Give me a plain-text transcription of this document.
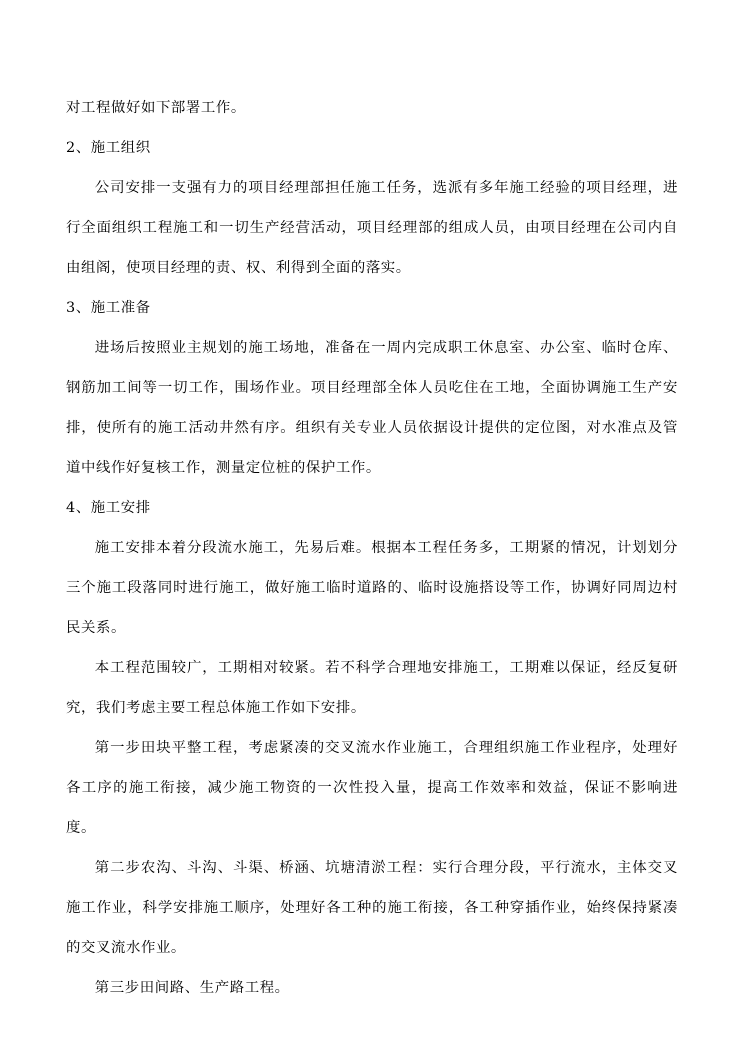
对工程做好如下部署工作。

2、施工组织

公司安排一支强有力的项目经理部担任施工任务，选派有多年施工经验的项目经理，进行全面组织工程施工和一切生产经营活动，项目经理部的组成人员，由项目经理在公司内自由组阁，使项目经理的责、权、利得到全面的落实。

3、施工准备

进场后按照业主规划的施工场地，准备在一周内完成职工休息室、办公室、临时仓库、钢筋加工间等一切工作，围场作业。项目经理部全体人员吃住在工地，全面协调施工生产安排，使所有的施工活动井然有序。组织有关专业人员依据设计提供的定位图，对水准点及管道中线作好复核工作，测量定位桩的保护工作。

4、施工安排

施工安排本着分段流水施工，先易后难。根据本工程任务多，工期紧的情况，计划划分三个施工段落同时进行施工，做好施工临时道路的、临时设施搭设等工作，协调好同周边村民关系。

本工程范围较广，工期相对较紧。若不科学合理地安排施工，工期难以保证，经反复研究，我们考虑主要工程总体施工作如下安排。

第一步田块平整工程，考虑紧凑的交叉流水作业施工，合理组织施工作业程序，处理好各工序的施工衔接，减少施工物资的一次性投入量，提高工作效率和效益，保证不影响进度。

第二步农沟、斗沟、斗渠、桥涵、坑塘清淤工程：实行合理分段，平行流水，主体交叉施工作业，科学安排施工顺序，处理好各工种的施工衔接，各工种穿插作业，始终保持紧凑的交叉流水作业。

第三步田间路、生产路工程。
